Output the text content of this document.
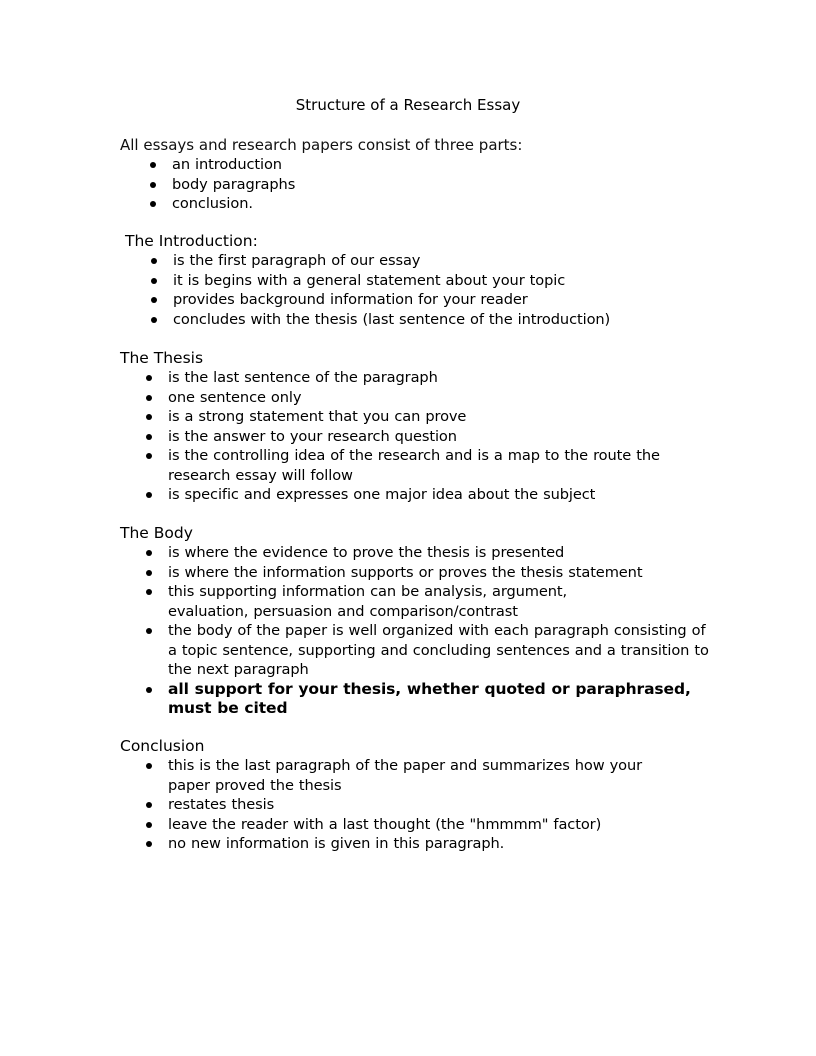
Structure of a Research Essay

All essays and research papers consist of three parts:

an introduction
body paragraphs
conclusion.

The Introduction:

is the first paragraph of our essay
it is begins with a general statement about your topic
provides background information for your reader
concludes with the thesis (last sentence of the introduction)

The Thesis

is the last sentence of the paragraph
one sentence only
is a strong statement that you can prove
is the answer to your research question
is the controlling idea of the research and is a map to the route the research essay will follow
is specific and expresses one major idea about the subject

The Body

is where the evidence to prove the thesis is presented
is where the information supports or proves the thesis statement
this supporting information can be analysis, argument, evaluation, persuasion and comparison/contrast
the body of the paper is well organized with each paragraph consisting of a topic sentence, supporting and concluding sentences and a transition to the next paragraph
all support for your thesis, whether quoted or paraphrased, must be cited

Conclusion

this is the last paragraph of the paper and summarizes how your paper proved the thesis
restates thesis
leave the reader with a last thought (the "hmmmm" factor)
no new information is given in this paragraph.
